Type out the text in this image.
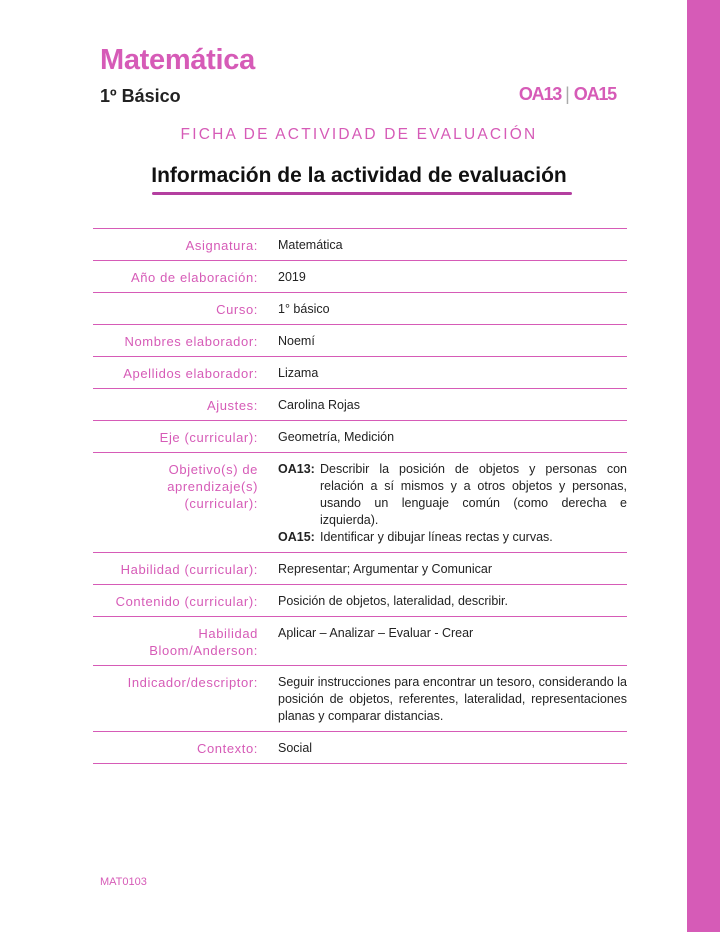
Matemática
1º Básico	OA13 | OA15
FICHA DE ACTIVIDAD DE EVALUACIÓN
Información de la actividad de evaluación
Asignatura: Matemática
Año de elaboración: 2019
Curso: 1° básico
Nombres elaborador: Noemí
Apellidos elaborador: Lizama
Ajustes: Carolina Rojas
Eje (curricular): Geometría, Medición
Objetivo(s) de aprendizaje(s) (curricular):
OA13: Describir la posición de objetos y personas con relación a sí mismos y a otros objetos y personas, usando un lenguaje común (como derecha e izquierda).
OA15: Identificar y dibujar líneas rectas y curvas.
Habilidad (curricular): Representar; Argumentar y Comunicar
Contenido (curricular): Posición de objetos, lateralidad, describir.
Habilidad Bloom/Anderson:
Aplicar – Analizar – Evaluar - Crear
Indicador/descriptor: Seguir instrucciones para encontrar un tesoro, considerando la posición de objetos, referentes, lateralidad, representaciones planas y comparar distancias.
Contexto: Social
MAT0103
